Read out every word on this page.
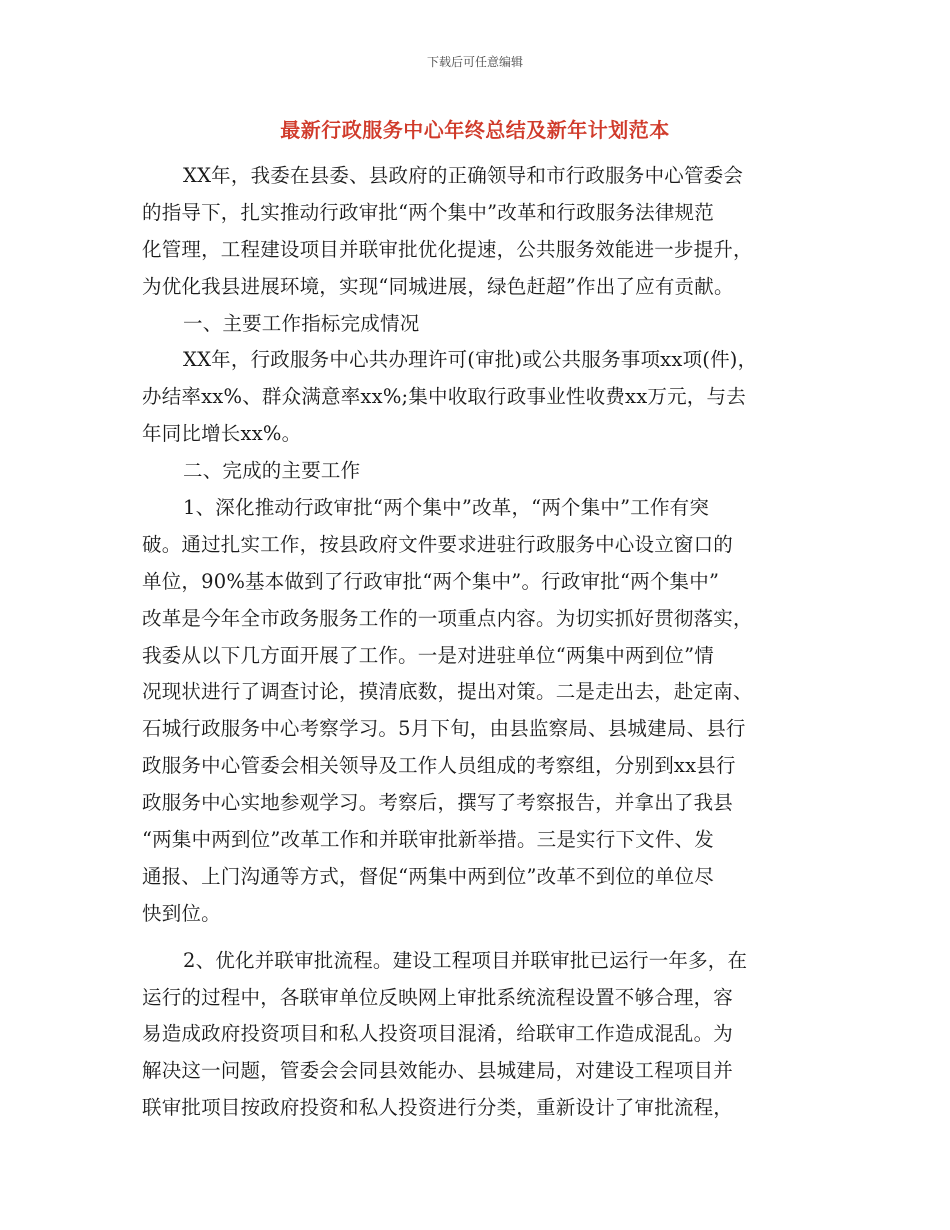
下载后可任意编辑
最新行政服务中心年终总结及新年计划范本
XX年，我委在县委、县政府的正确领导和市行政服务中心管委会
的指导下，扎实推动行政审批“两个集中”改革和行政服务法律规范
化管理，工程建设项目并联审批优化提速，公共服务效能进一步提升，
为优化我县进展环境，实现“同城进展，绿色赶超”作出了应有贡献。
一、主要工作指标完成情况
XX年，行政服务中心共办理许可(审批)或公共服务事项xx项(件)，
办结率xx%、群众满意率xx%;集中收取行政事业性收费xx万元，与去
年同比增长xx%。
二、完成的主要工作
1、深化推动行政审批“两个集中”改革，“两个集中”工作有突
破。通过扎实工作，按县政府文件要求进驻行政服务中心设立窗口的
单位，90%基本做到了行政审批“两个集中”。行政审批“两个集中”
改革是今年全市政务服务工作的一项重点内容。为切实抓好贯彻落实，
我委从以下几方面开展了工作。一是对进驻单位“两集中两到位”情
况现状进行了调查讨论，摸清底数，提出对策。二是走出去，赴定南、
石城行政服务中心考察学习。5月下旬，由县监察局、县城建局、县行
政服务中心管委会相关领导及工作人员组成的考察组，分别到xx县行
政服务中心实地参观学习。考察后，撰写了考察报告，并拿出了我县
“两集中两到位”改革工作和并联审批新举措。三是实行下文件、发
通报、上门沟通等方式，督促“两集中两到位”改革不到位的单位尽
快到位。
2、优化并联审批流程。建设工程项目并联审批已运行一年多，在
运行的过程中，各联审单位反映网上审批系统流程设置不够合理，容
易造成政府投资项目和私人投资项目混淆，给联审工作造成混乱。为
解决这一问题，管委会会同县效能办、县城建局，对建设工程项目并
联审批项目按政府投资和私人投资进行分类，重新设计了审批流程，
